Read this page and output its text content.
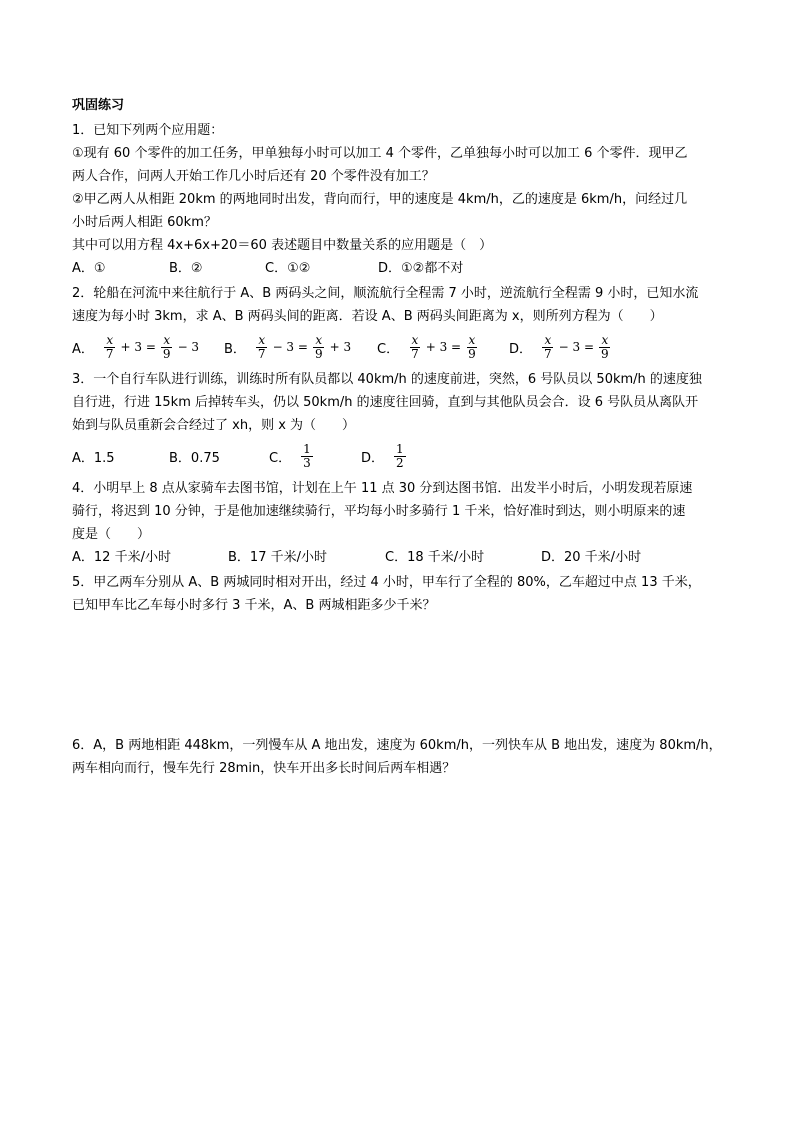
巩固练习
1．已知下列两个应用题：
①现有 60 个零件的加工任务，甲单独每小时可以加工 4 个零件，乙单独每小时可以加工 6 个零件．现甲乙
两人合作，问两人开始工作几小时后还有 20 个零件没有加工？
②甲乙两人从相距 20km 的两地同时出发，背向而行，甲的速度是 4km/h，乙的速度是 6km/h，问经过几
小时后两人相距 60km？
其中可以用方程 4x+6x+20＝60 表述题目中数量关系的应用题是（　）
A．①	B．②	C．①②	D．①②都不对
2．轮船在河流中来往航行于 A、B 两码头之间，顺流航行全程需 7 小时，逆流航行全程需 9 小时，已知水流
速度为每小时 3km，求 A、B 两码头间的距离．若设 A、B 两码头间距离为 x，则所列方程为（　　）
A． $\frac{x}{7} + 3 = \frac{x}{9} - 3$ B． $\frac{x}{7} - 3 = \frac{x}{9} + 3$ C． $\frac{x}{7} + 3 = \frac{x}{9}$ D． $\frac{x}{7} - 3 = \frac{x}{9}$
3．一个自行车队进行训练，训练时所有队员都以 40km/h 的速度前进，突然，6 号队员以 50km/h 的速度独
自行进，行进 15km 后掉转车头，仍以 50km/h 的速度往回骑，直到与其他队员会合．设 6 号队员从离队开
始到与队员重新会合经过了 xh，则 x 为（　　）
A．1.5	B．0.75	C． $\frac{1}{3}$	D． $\frac{1}{2}$
4．小明早上 8 点从家骑车去图书馆，计划在上午 11 点 30 分到达图书馆．出发半小时后，小明发现若原速
骑行，将迟到 10 分钟，于是他加速继续骑行，平均每小时多骑行 1 千米，恰好准时到达，则小明原来的速
度是（　　）
A．12 千米/小时	B．17 千米/小时	C．18 千米/小时	D．20 千米/小时
5．甲乙两车分别从 A、B 两城同时相对开出，经过 4 小时，甲车行了全程的 80%，乙车超过中点 13 千米，
已知甲车比乙车每小时多行 3 千米，A、B 两城相距多少千米？
6．A，B 两地相距 448km，一列慢车从 A 地出发，速度为 60km/h，一列快车从 B 地出发，速度为 80km/h，
两车相向而行，慢车先行 28min，快车开出多长时间后两车相遇？
